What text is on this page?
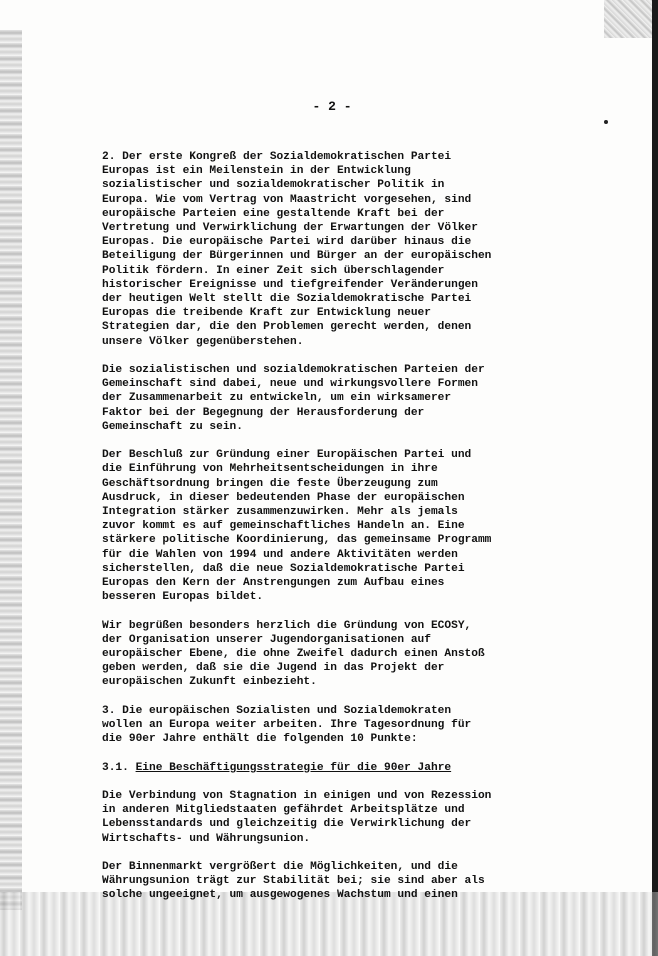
- 2 -
2. Der erste Kongreß der Sozialdemokratischen Partei
Europas ist ein Meilenstein in der Entwicklung
sozialistischer und sozialdemokratischer Politik in
Europa. Wie vom Vertrag von Maastricht vorgesehen, sind
europäische Parteien eine gestaltende Kraft bei der
Vertretung und Verwirklichung der Erwartungen der Völker
Europas. Die europäische Partei wird darüber hinaus die
Beteiligung der Bürgerinnen und Bürger an der europäischen
Politik fördern. In einer Zeit sich überschlagender
historischer Ereignisse und tiefgreifender Veränderungen
der heutigen Welt stellt die Sozialdemokratische Partei
Europas die treibende Kraft zur Entwicklung neuer
Strategien dar, die den Problemen gerecht werden, denen
unsere Völker gegenüberstehen.
Die sozialistischen und sozialdemokratischen Parteien der
Gemeinschaft sind dabei, neue und wirkungsvollere Formen
der Zusammenarbeit zu entwickeln, um ein wirksamerer
Faktor bei der Begegnung der Herausforderung der
Gemeinschaft zu sein.
Der Beschluß zur Gründung einer Europäischen Partei und
die Einführung von Mehrheitsentscheidungen in ihre
Geschäftsordnung bringen die feste Überzeugung zum
Ausdruck, in dieser bedeutenden Phase der europäischen
Integration stärker zusammenzuwirken. Mehr als jemals
zuvor kommt es auf gemeinschaftliches Handeln an. Eine
stärkere politische Koordinierung, das gemeinsame Programm
für die Wahlen von 1994 und andere Aktivitäten werden
sicherstellen, daß die neue Sozialdemokratische Partei
Europas den Kern der Anstrengungen zum Aufbau eines
besseren Europas bildet.
Wir begrüßen besonders herzlich die Gründung von ECOSY,
der Organisation unserer Jugendorganisationen auf
europäischer Ebene, die ohne Zweifel dadurch einen Anstoß
geben werden, daß sie die Jugend in das Projekt der
europäischen Zukunft einbezieht.
3. Die europäischen Sozialisten und Sozialdemokraten
wollen an Europa weiter arbeiten. Ihre Tagesordnung für
die 90er Jahre enthält die folgenden 10 Punkte:
3.1. Eine Beschäftigungsstrategie für die 90er Jahre
Die Verbindung von Stagnation in einigen und von Rezession
in anderen Mitgliedstaaten gefährdet Arbeitsplätze und
Lebensstandards und gleichzeitig die Verwirklichung der
Wirtschafts- und Währungsunion.
Der Binnenmarkt vergrößert die Möglichkeiten, und die
Währungsunion trägt zur Stabilität bei; sie sind aber als
solche ungeeignet, um ausgewogenes Wachstum und einen
